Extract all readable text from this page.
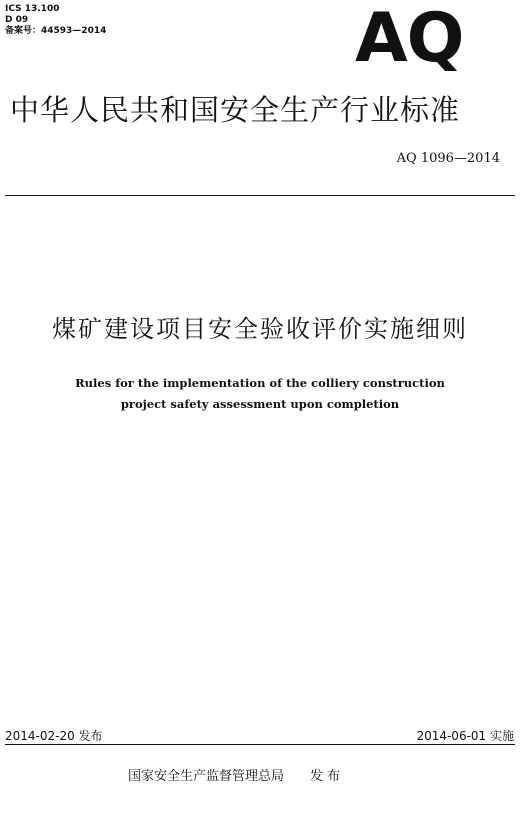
ICS 13.100
D 09
备案号：44593—2014	AQ
中华人民共和国安全生产行业标准
AQ 1096—2014
煤矿建设项目安全验收评价实施细则
Rules for the implementation of the colliery construction
project safety assessment upon completion
2014-02-20 发布	2014-06-01 实施
国家安全生产监督管理总局 发 布
